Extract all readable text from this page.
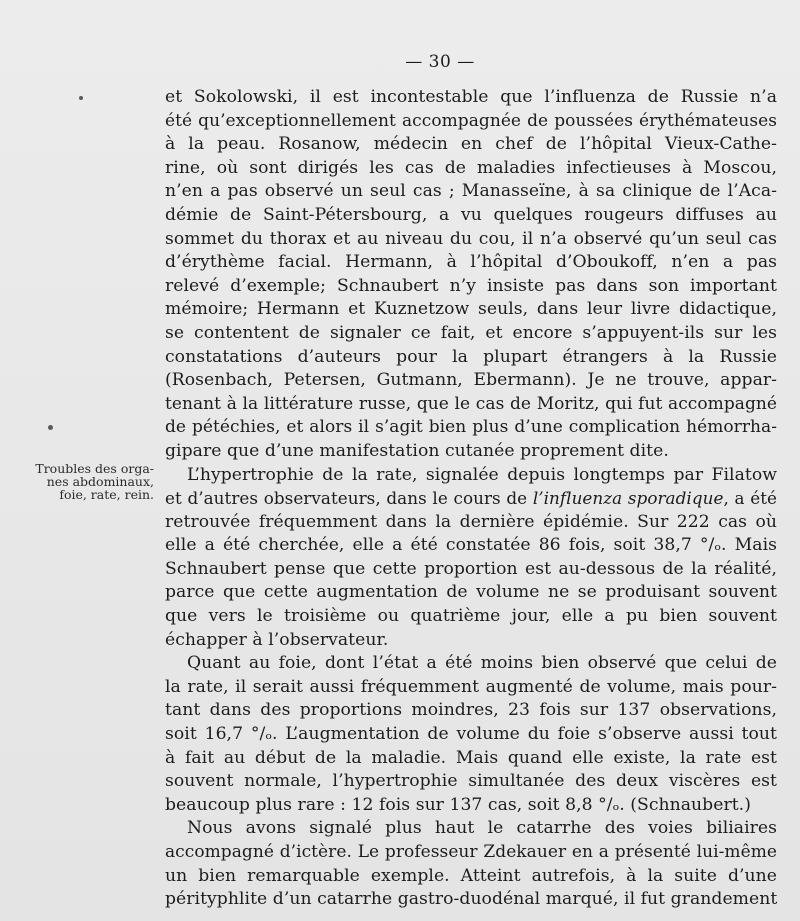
— 30 —
Troubles des orga-
nes abdominaux,
foie, rate, rein.

et Sokolowski, il est incontestable que l’influenza de Russie n’a
été qu’exceptionnellement accompagnée de poussées érythémateuses
à la peau. Rosanow, médecin en chef de l’hôpital Vieux-Cathe-
rine, où sont dirigés les cas de maladies infectieuses à Moscou,
n’en a pas observé un seul cas ; Manasseïne, à sa clinique de l’Aca-
démie de Saint-Pétersbourg, a vu quelques rougeurs diffuses au
sommet du thorax et au niveau du cou, il n’a observé qu’un seul cas
d’érythème facial. Hermann, à l’hôpital d’Oboukoff, n’en a pas
relevé d’exemple; Schnaubert n’y insiste pas dans son important
mémoire; Hermann et Kuznetzow seuls, dans leur livre didactique,
se contentent de signaler ce fait, et encore s’appuyent-ils sur les
constatations d’auteurs pour la plupart étrangers à la Russie
(Rosenbach, Petersen, Gutmann, Ebermann). Je ne trouve, appar-
tenant à la littérature russe, que le cas de Moritz, qui fut accompagné
de pétéchies, et alors il s’agit bien plus d’une complication hémorrha-
gipare que d’une manifestation cutanée proprement dite.

L’hypertrophie de la rate, signalée depuis longtemps par Filatow
et d’autres observateurs, dans le cours de l’influenza sporadique, a été
retrouvée fréquemment dans la dernière épidémie. Sur 222 cas où
elle a été cherchée, elle a été constatée 86 fois, soit 38,7 °/ₒ. Mais
Schnaubert pense que cette proportion est au-dessous de la réalité,
parce que cette augmentation de volume ne se produisant souvent
que vers le troisième ou quatrième jour, elle a pu bien souvent
échapper à l’observateur.

Quant au foie, dont l’état a été moins bien observé que celui de
la rate, il serait aussi fréquemment augmenté de volume, mais pour-
tant dans des proportions moindres, 23 fois sur 137 observations,
soit 16,7 °/ₒ. L’augmentation de volume du foie s’observe aussi tout
à fait au début de la maladie. Mais quand elle existe, la rate est
souvent normale, l’hypertrophie simultanée des deux viscères est
beaucoup plus rare : 12 fois sur 137 cas, soit 8,8 °/ₒ. (Schnaubert.)

Nous avons signalé plus haut le catarrhe des voies biliaires
accompagné d’ictère. Le professeur Zdekauer en a présenté lui-même
un bien remarquable exemple. Atteint autrefois, à la suite d’une
pérityphlite d’un catarrhe gastro-duodénal marqué, il fut grandement
